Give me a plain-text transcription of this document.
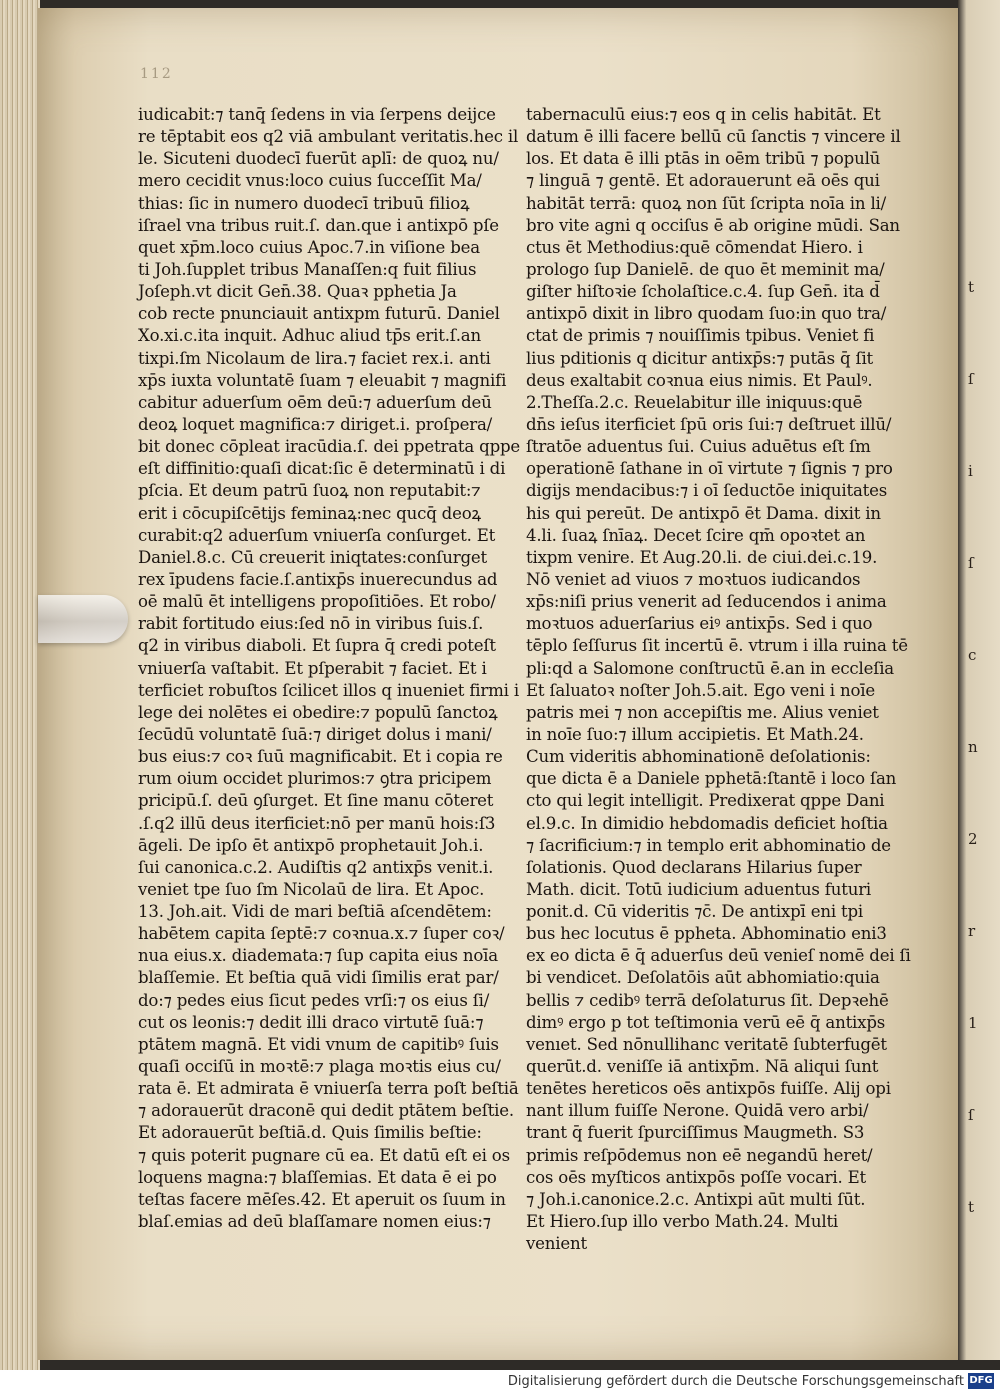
t
ſ
i
ſ
c
n
2
r
1
ſ
t
112
iudicabit:⁊ tanq̄ ſedens in via ſerpens deijce
re tēptabit eos q2 viā ambulant veritatis.hec il
le. Sicuteni duodecī fuerūt aplī: de quoꝝ nu/
mero cecidit vnus:loco cuius ſucceſſit Ma/
thias: ſic in numero duodecī tribuū filioꝝ
iſrael vna tribus ruit.ſ. dan.que i antixpō pſe
quet xp̄m.loco cuius Apoc.7.in viſione bea
ti Joh.ſupplet tribus Manaſſen:q fuit filius
Joſeph.vt dicit Gen̄.38. Quaꝛ pphetia Ja
cob recte pnunciauit antixpm futurū. Daniel
Xo.xi.c.ita inquit. Adhuc aliud tp̄s erit.ſ.an
tixpi.ſm Nicolaum de lira.⁊ faciet rex.i. anti
xp̄s iuxta voluntatē ſuam ⁊ eleuabit ⁊ magnifi
cabitur aduerſum oēm deū:⁊ aduerſum deū
deoꝝ loquet magnifica:⁊ diriget.i. proſpera/
bit donec cōpleat iracūdia.ſ. dei ppetrata qppe
eſt diffinitio:quaſi dicat:ſic ē determinatū i di
pſcia. Et deum patrū ſuoꝝ non reputabit:⁊
erit i cōcupiſcētijs feminaꝝ:nec qucq̄ deoꝝ
curabit:q2 aduerſum vniuerſa conſurget. Et
Daniel.8.c. Cū creuerit iniqtates:conſurget
rex īpudens facie.ſ.antixp̄s inuerecundus ad
oē malū ēt intelligens propoſitiōes. Et robo/
rabit fortitudo eius:ſed nō in viribus ſuis.ſ.
q2 in viribus diaboli. Et ſupra q̄ credi poteſt
vniuerſa vaſtabit. Et pſperabit ⁊ faciet. Et i
terficiet robuſtos ſcilicet illos q inueniet firmi i
lege dei nolētes ei obedire:⁊ populū ſanctoꝝ
ſecūdū voluntatē ſuā:⁊ diriget dolus i mani/
bus eius:⁊ coꝛ ſuū magnificabit. Et i copia re
rum oium occidet plurimos:⁊ ꝯtra pricipem
pricipū.ſ. deū ꝯſurget. Et ſine manu cōteret
.ſ.q2 illū deus iterficiet:nō per manū hois:ſ3
āgeli. De ipſo ēt antixpō prophetauit Joh.i.
ſui canonica.c.2. Audiſtis q2 antixp̄s venit.i.
veniet tpe ſuo ſm Nicolaū de lira. Et Apoc.
13. Joh.ait. Vidi de mari beſtiā aſcendētem:
habētem capita ſeptē:⁊ coꝛnua.x.⁊ ſuper coꝛ/
nua eius.x. diademata:⁊ ſup capita eius noīa
blaſſemie. Et beſtia quā vidi ſimilis erat par/
do:⁊ pedes eius ſicut pedes vrſi:⁊ os eius ſi/
cut os leonis:⁊ dedit illi draco virtutē ſuā:⁊
ptātem magnā. Et vidi vnum de capitibꝰ ſuis
quaſi occiſū in moꝛtē:⁊ plaga moꝛtis eius cu/
rata ē. Et admirata ē vniuerſa terra poſt beſtiā
⁊ adorauerūt draconē qui dedit ptātem beſtie.
Et adorauerūt beſtiā.d. Quis ſimilis beſtie:
⁊ quis poterit pugnare cū ea. Et datū eſt ei os
loquens magna:⁊ blaſſemias. Et data ē ei po
teſtas facere mēſes.42. Et aperuit os ſuum in
blaſ.emias ad deū blaſſamare nomen eius:⁊
tabernaculū eius:⁊ eos q in celis habitāt. Et
datum ē illi facere bellū cū ſanctis ⁊ vincere il
los. Et data ē illi ptās in oēm tribū ⁊ populū
⁊ linguā ⁊ gentē. Et adorauerunt eā oēs qui
habitāt terrā: quoꝝ non ſūt ſcripta noīa in li/
bro vite agni q occiſus ē ab origine mūdi. San
ctus ēt Methodius:quē cōmendat Hiero. i
prologo ſup Danielē. de quo ēt meminit ma/
giſter hiſtoꝛie ſcholaſtice.c.4. ſup Gen̄. ita d̄
antixpō dixit in libro quodam ſuo:in quo tra/
ctat de primis ⁊ nouiſſimis tpibus. Veniet fi
lius pditionis q dicitur antixp̄s:⁊ putās q̄ ſit
deus exaltabit coꝛnua eius nimis. Et Paulꝰ.
2.Theſſa.2.c. Reuelabitur ille iniquus:quē
dn̄s ieſus iterficiet ſpū oris ſui:⁊ deſtruet illū/
ſtratōe aduentus ſui. Cuius aduētus eſt ſm
operationē ſathane in oī virtute ⁊ ſignis ⁊ pro
digijs mendacibus:⁊ i oī ſeductōe iniquitates
his qui pereūt. De antixpō ēt Dama. dixit in
4.li. ſuaꝝ ſnīaꝝ. Decet ſcire qm̄ opoꝛtet an
tixpm venire. Et Aug.20.li. de ciui.dei.c.19.
Nō veniet ad viuos ⁊ moꝛtuos iudicandos
xp̄s:niſi prius venerit ad ſeducendos i anima
moꝛtuos aduerſarius eiꝰ antixp̄s. Sed i quo
tēplo ſeſſurus ſit incertū ē. vtrum i illa ruina tē
pli:qd a Salomone conſtructū ē.an in eccleſia
Et ſaluatoꝛ noſter Joh.5.ait. Ego veni i noīe
patris mei ⁊ non accepiſtis me. Alius veniet
in noīe ſuo:⁊ illum accipietis. Et Math.24.
Cum videritis abhominationē deſolationis:
que dicta ē a Daniele pphetā:ſtantē i loco ſan
cto qui legit intelligit. Predixerat qppe Dani
el.9.c. In dimidio hebdomadis deficiet hoſtia
⁊ ſacrificium:⁊ in templo erit abhominatio de
ſolationis. Quod declarans Hilarius ſuper
Math. dicit. Totū iudicium aduentus futuri
ponit.d. Cū videritis ⁊c̄. De antixpī eni tpi
bus hec locutus ē ppheta. Abhominatio eni3
ex eo dicta ē q̄ aduerſus deū venieſ nomē dei ſi
bi vendicet. Deſolatōis aūt abhomiatio:quia
bellis ⁊ cedibꝰ terrā deſolaturus ſit. Depꝛehē
dimꝰ ergo p tot teſtimonia verū eē q̄ antixp̄s
venıet. Sed nōnullihanc veritatē ſubterfugēt
querūt.d. veniſſe iā antixp̄m. Nā aliqui ſunt
tenētes hereticos oēs antixpōs fuiſſe. Alij opi
nant illum fuiſſe Nerone. Quidā vero arbi/
trant q̄ fuerit ſpurciſſimus Maugmeth. S3
primis reſpōdemus non eē negandū heret/
cos oēs myſticos antixpōs poſſe vocari. Et
⁊ Joh.i.canonice.2.c. Antixpi aūt multi ſūt.
Et Hiero.ſup illo verbo Math.24. Multi
venient
Digitalisierung gefördert durch die Deutsche Forschungsgemeinschaft DFG
